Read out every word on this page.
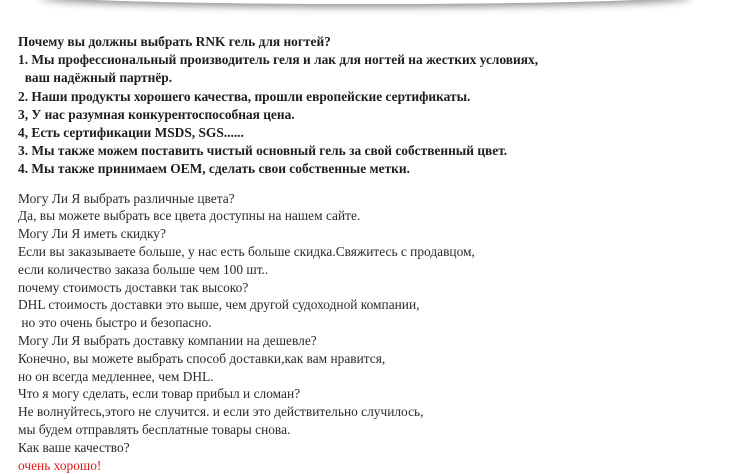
Почему вы должны выбрать RNK гель для ногтей?
1. Мы профессиональный производитель геля и лак для ногтей на жестких условиях,
ваш надёжный партнёр.
2. Наши продукты хорошего качества, прошли европейские сертификаты.
3, У нас разумная конкурентоспособная цена.
4, Есть сертификации MSDS, SGS......
3. Мы также можем поставить чистый основный гель за свой собственный цвет.
4. Мы также принимаем OEM, сделать свои собственные метки.
Могу Ли Я выбрать различные цвета?
Да, вы можете выбрать все цвета доступны на нашем сайте.
Могу Ли Я иметь скидку?
Если вы заказываете больше, у нас есть больше скидка.Свяжитесь с продавцом,
если количество заказа больше чем 100 шт..
почему стоимость доставки так высоко?
DHL стоимость доставки это выше, чем другой судоходной компании,
но это очень быстро и безопасно.
Могу Ли Я выбрать доставку компании на дешевле?
Конечно, вы можете выбрать способ доставки,как вам нравится,
но он всегда медленнее, чем DHL.
Что я могу сделать, если товар прибыл и сломан?
Не волнуйтесь,этого не случится. и если это действительно случилось,
мы будем отправлять бесплатные товары снова.
Как ваше качество?
очень хорошо!
